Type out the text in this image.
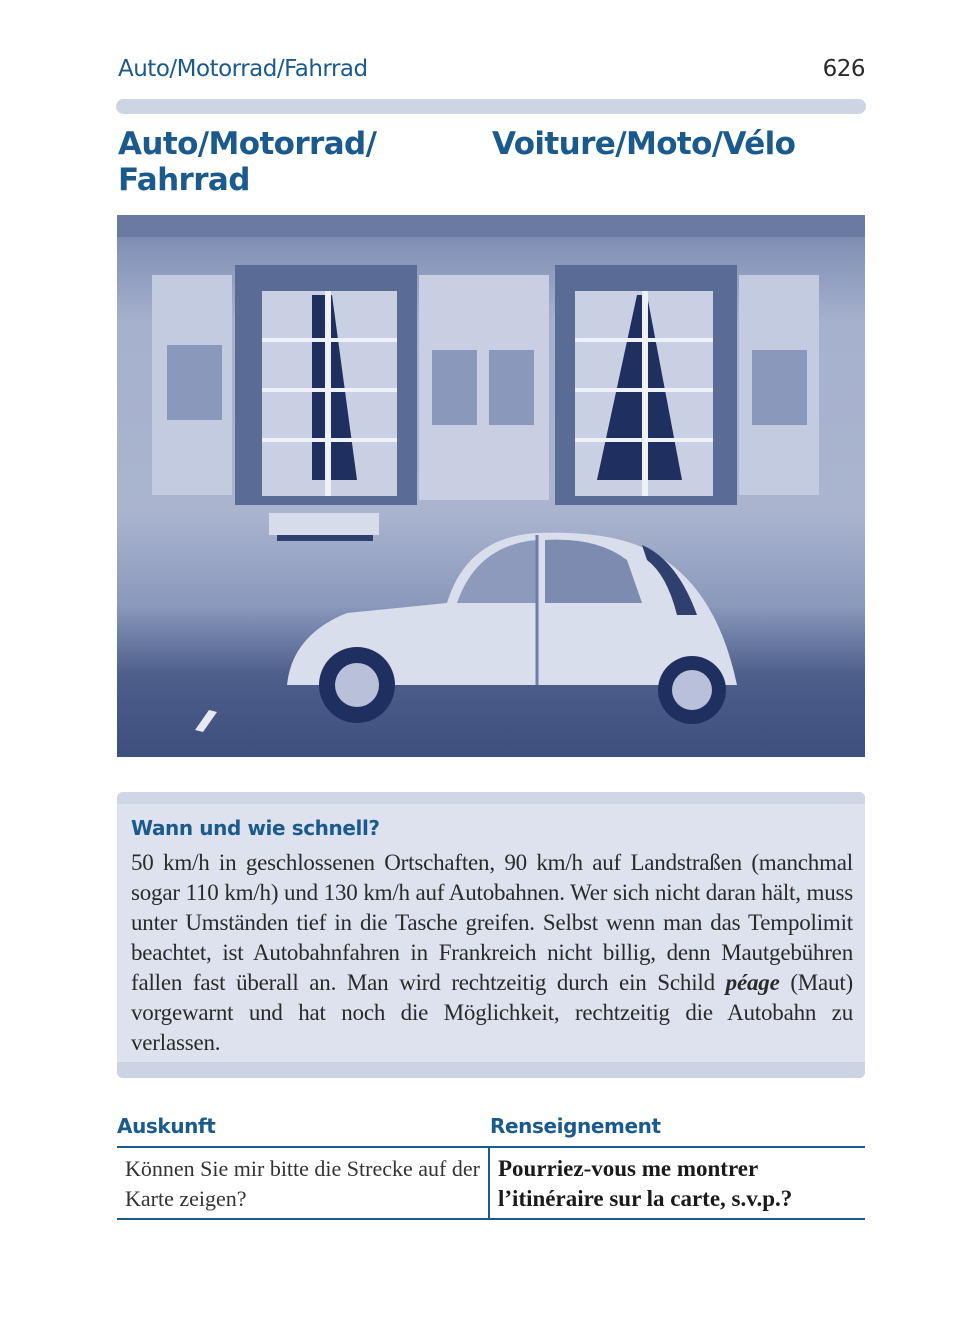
Auto/Motorrad/Fahrrad	626
Auto/Motorrad/ Fahrrad
Voiture/Moto/Vélo
Wann und wie schnell?

50 km/h in geschlossenen Ortschaften, 90 km/h auf Landstraßen (manchmal sogar 110 km/h) und 130 km/h auf Autobahnen. Wer sich nicht daran hält, muss unter Umständen tief in die Tasche greifen. Selbst wenn man das Tempolimit beachtet, ist Autobahnfahren in Frankreich nicht billig, denn Mautgebühren fallen fast überall an. Man wird rechtzeitig durch ein Schild péage (Maut) vorgewarnt und hat noch die Möglichkeit, rechtzeitig die Autobahn zu verlassen.

Auskunft	Renseignement
Können Sie mir bitte die Strecke auf der Karte zeigen?
Pourriez-vous me montrer l’itinéraire sur la carte, s.v.p.?
